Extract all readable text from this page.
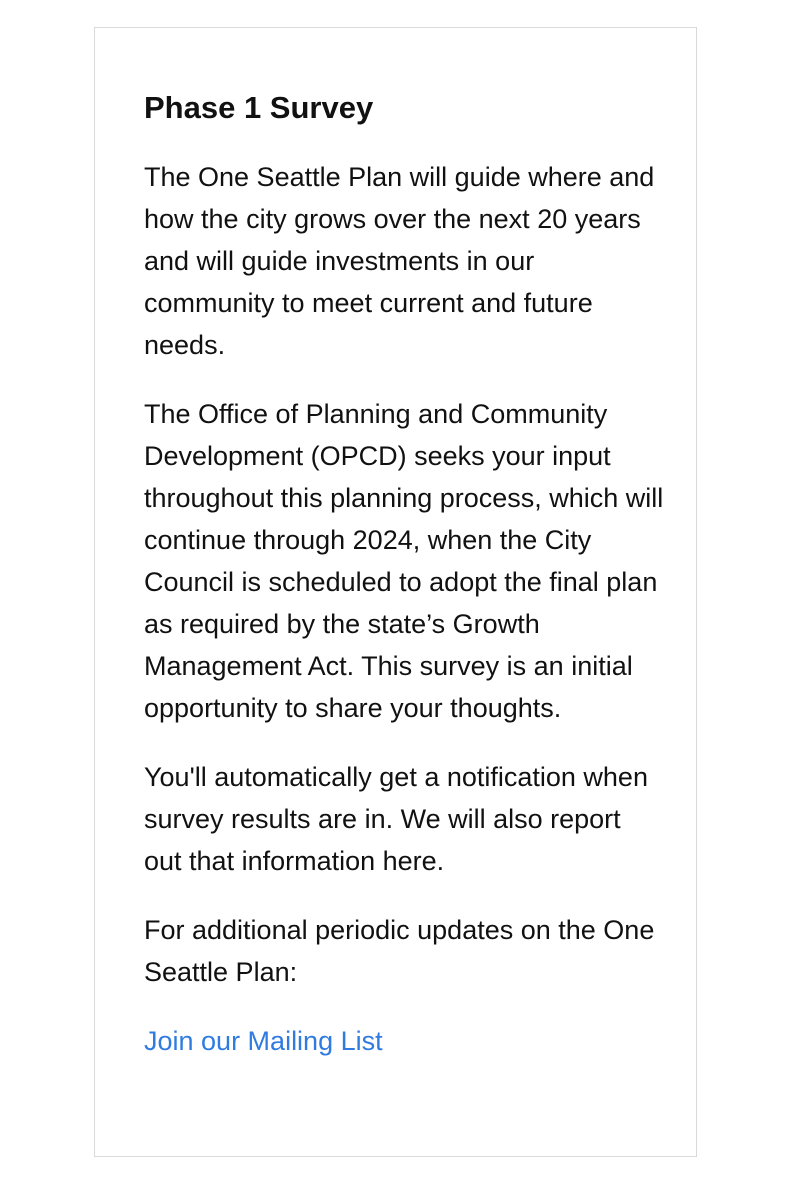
Phase 1 Survey

The One Seattle Plan will guide where and how the city grows over the next 20 years and will guide investments in our community to meet current and future needs.

The Office of Planning and Community Development (OPCD) seeks your input throughout this planning process, which will continue through 2024, when the City Council is scheduled to adopt the final plan as required by the state’s Growth Management Act. This survey is an initial opportunity to share your thoughts.

You'll automatically get a notification when survey results are in. We will also report out that information here.

For additional periodic updates on the One Seattle Plan:

Join our Mailing List
